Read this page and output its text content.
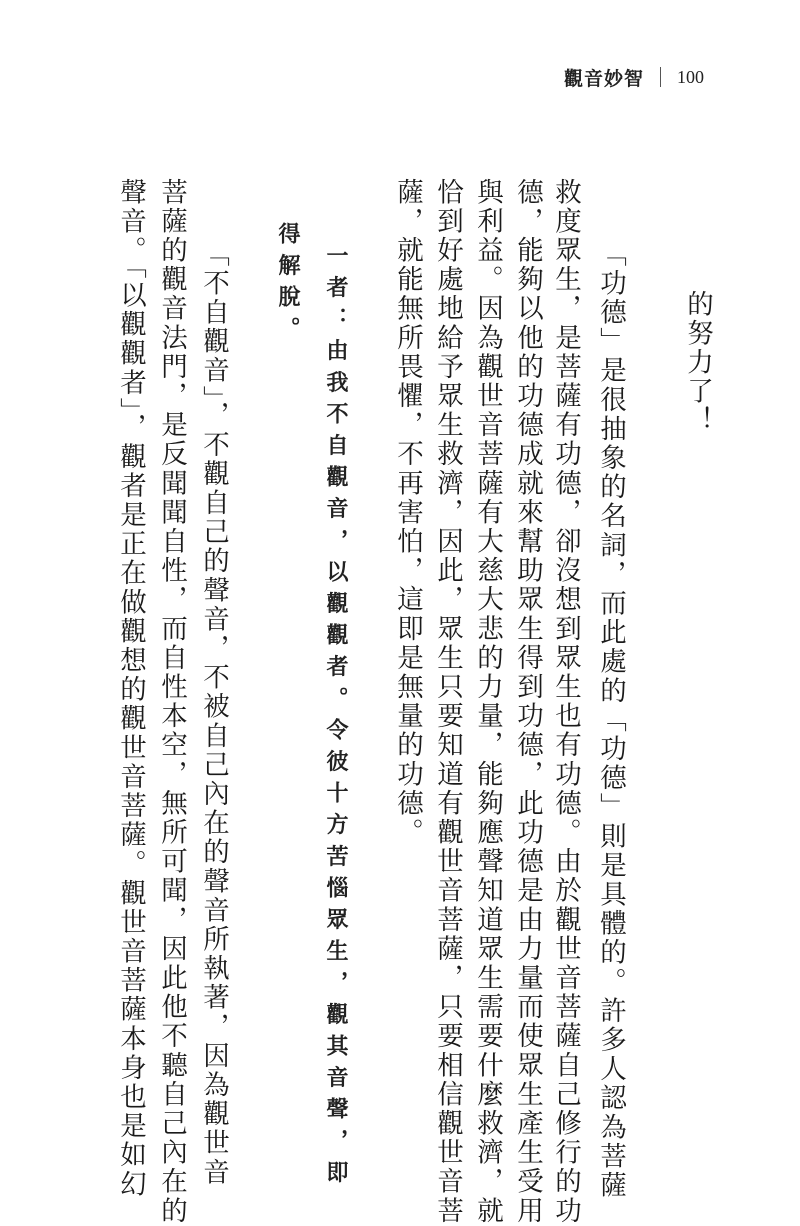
觀音妙智 100
的努力了！
「功德」是很抽象的名詞，而此處的「功德」則是具體的。許多人認為菩薩
救度眾生，是菩薩有功德，卻沒想到眾生也有功德。由於觀世音菩薩自己修行的功
德，能夠以他的功德成就來幫助眾生得到功德，此功德是由力量而使眾生產生受用
與利益。因為觀世音菩薩有大慈大悲的力量，能夠應聲知道眾生需要什麼救濟，就
恰到好處地給予眾生救濟，因此，眾生只要知道有觀世音菩薩，只要相信觀世音菩
薩，就能無所畏懼，不再害怕，這即是無量的功德。
一者：由我不自觀音，以觀觀者。令彼十方苦惱眾生，觀其音聲，即
得解脫。
「不自觀音」，不觀自己的聲音，不被自己內在的聲音所執著，因為觀世音
菩薩的觀音法門，是反聞聞自性，而自性本空，無所可聞，因此他不聽自己內在的
聲音。「以觀觀者」，觀者是正在做觀想的觀世音菩薩。觀世音菩薩本身也是如幻
